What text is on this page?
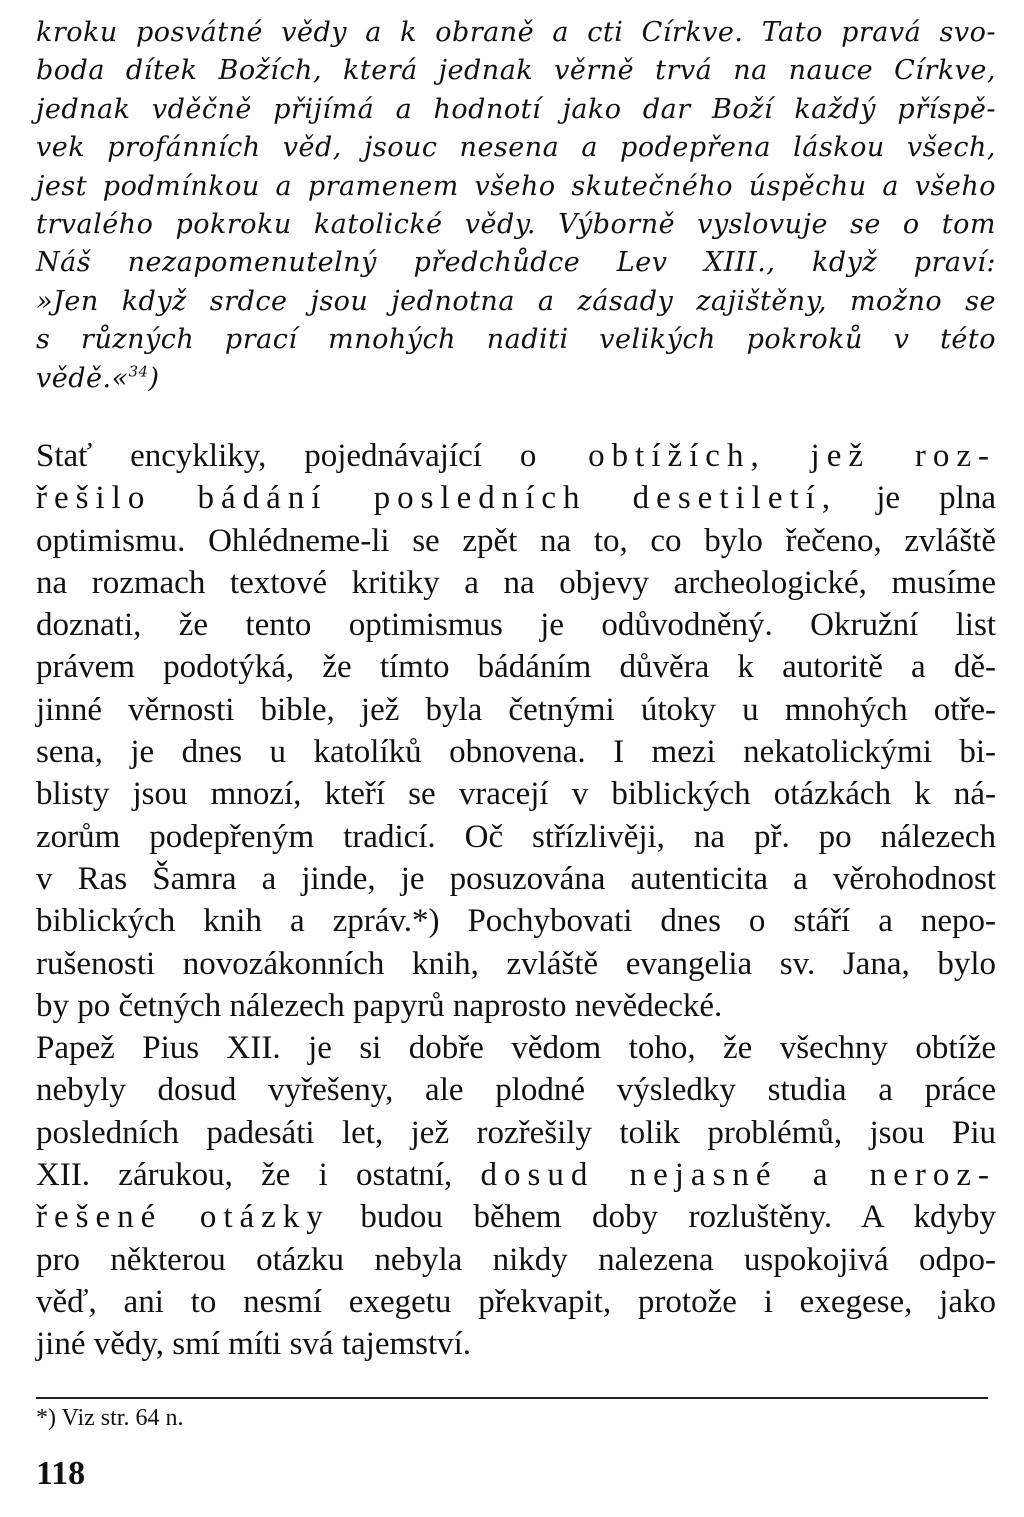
kroku posvátné vědy a k obraně a cti Církve. Tato pravá svo-
boda dítek Božích, která jednak věrně trvá na nauce Církve,
jednak vděčně přijímá a hodnotí jako dar Boží každý příspě-
vek profánních věd, jsouc nesena a podepřena láskou všech,
jest podmínkou a pramenem všeho skutečného úspěchu a všeho
trvalého pokroku katolické vědy. Výborně vyslovuje se o tom
Náš nezapomenutelný předchůdce Lev XIII., když praví:
»Jen když srdce jsou jednotna a zásady zajištěny, možno se
s různých prací mnohých naditi velikých pokroků v této
vědě.«$^{34}$)
Stať encykliky, pojednávající o obtížích, jež roz-
řešilo bádání posledních desetiletí, je plna
optimismu. Ohlédneme-li se zpět na to, co bylo řečeno, zvláště
na rozmach textové kritiky a na objevy archeologické, musíme
doznati, že tento optimismus je odůvodněný. Okružní list
právem podotýká, že tímto bádáním důvěra k autoritě a dě-
jinné věrnosti bible, jež byla četnými útoky u mnohých otře-
sena, je dnes u katolíků obnovena. I mezi nekatolickými bi-
blisty jsou mnozí, kteří se vracejí v biblických otázkách k ná-
zorům podepřeným tradicí. Oč střízlivěji, na př. po nálezech
v Ras Šamra a jinde, je posuzována autenticita a věrohodnost
biblických knih a zpráv.*) Pochybovati dnes o stáří a nepo-
rušenosti novozákonních knih, zvláště evangelia sv. Jana, bylo
by po četných nálezech papyrů naprosto nevědecké.
Papež Pius XII. je si dobře vědom toho, že všechny obtíže
nebyly dosud vyřešeny, ale plodné výsledky studia a práce
posledních padesáti let, jež rozřešily tolik problémů, jsou Piu
XII. zárukou, že i ostatní, dosud nejasné a neroz-
řešené otázky budou během doby rozluštěny. A kdyby
pro některou otázku nebyla nikdy nalezena uspokojivá odpo-
věď, ani to nesmí exegetu překvapit, protože i exegese, jako
jiné vědy, smí míti svá tajemství.
*) Viz str. 64 n.
118
